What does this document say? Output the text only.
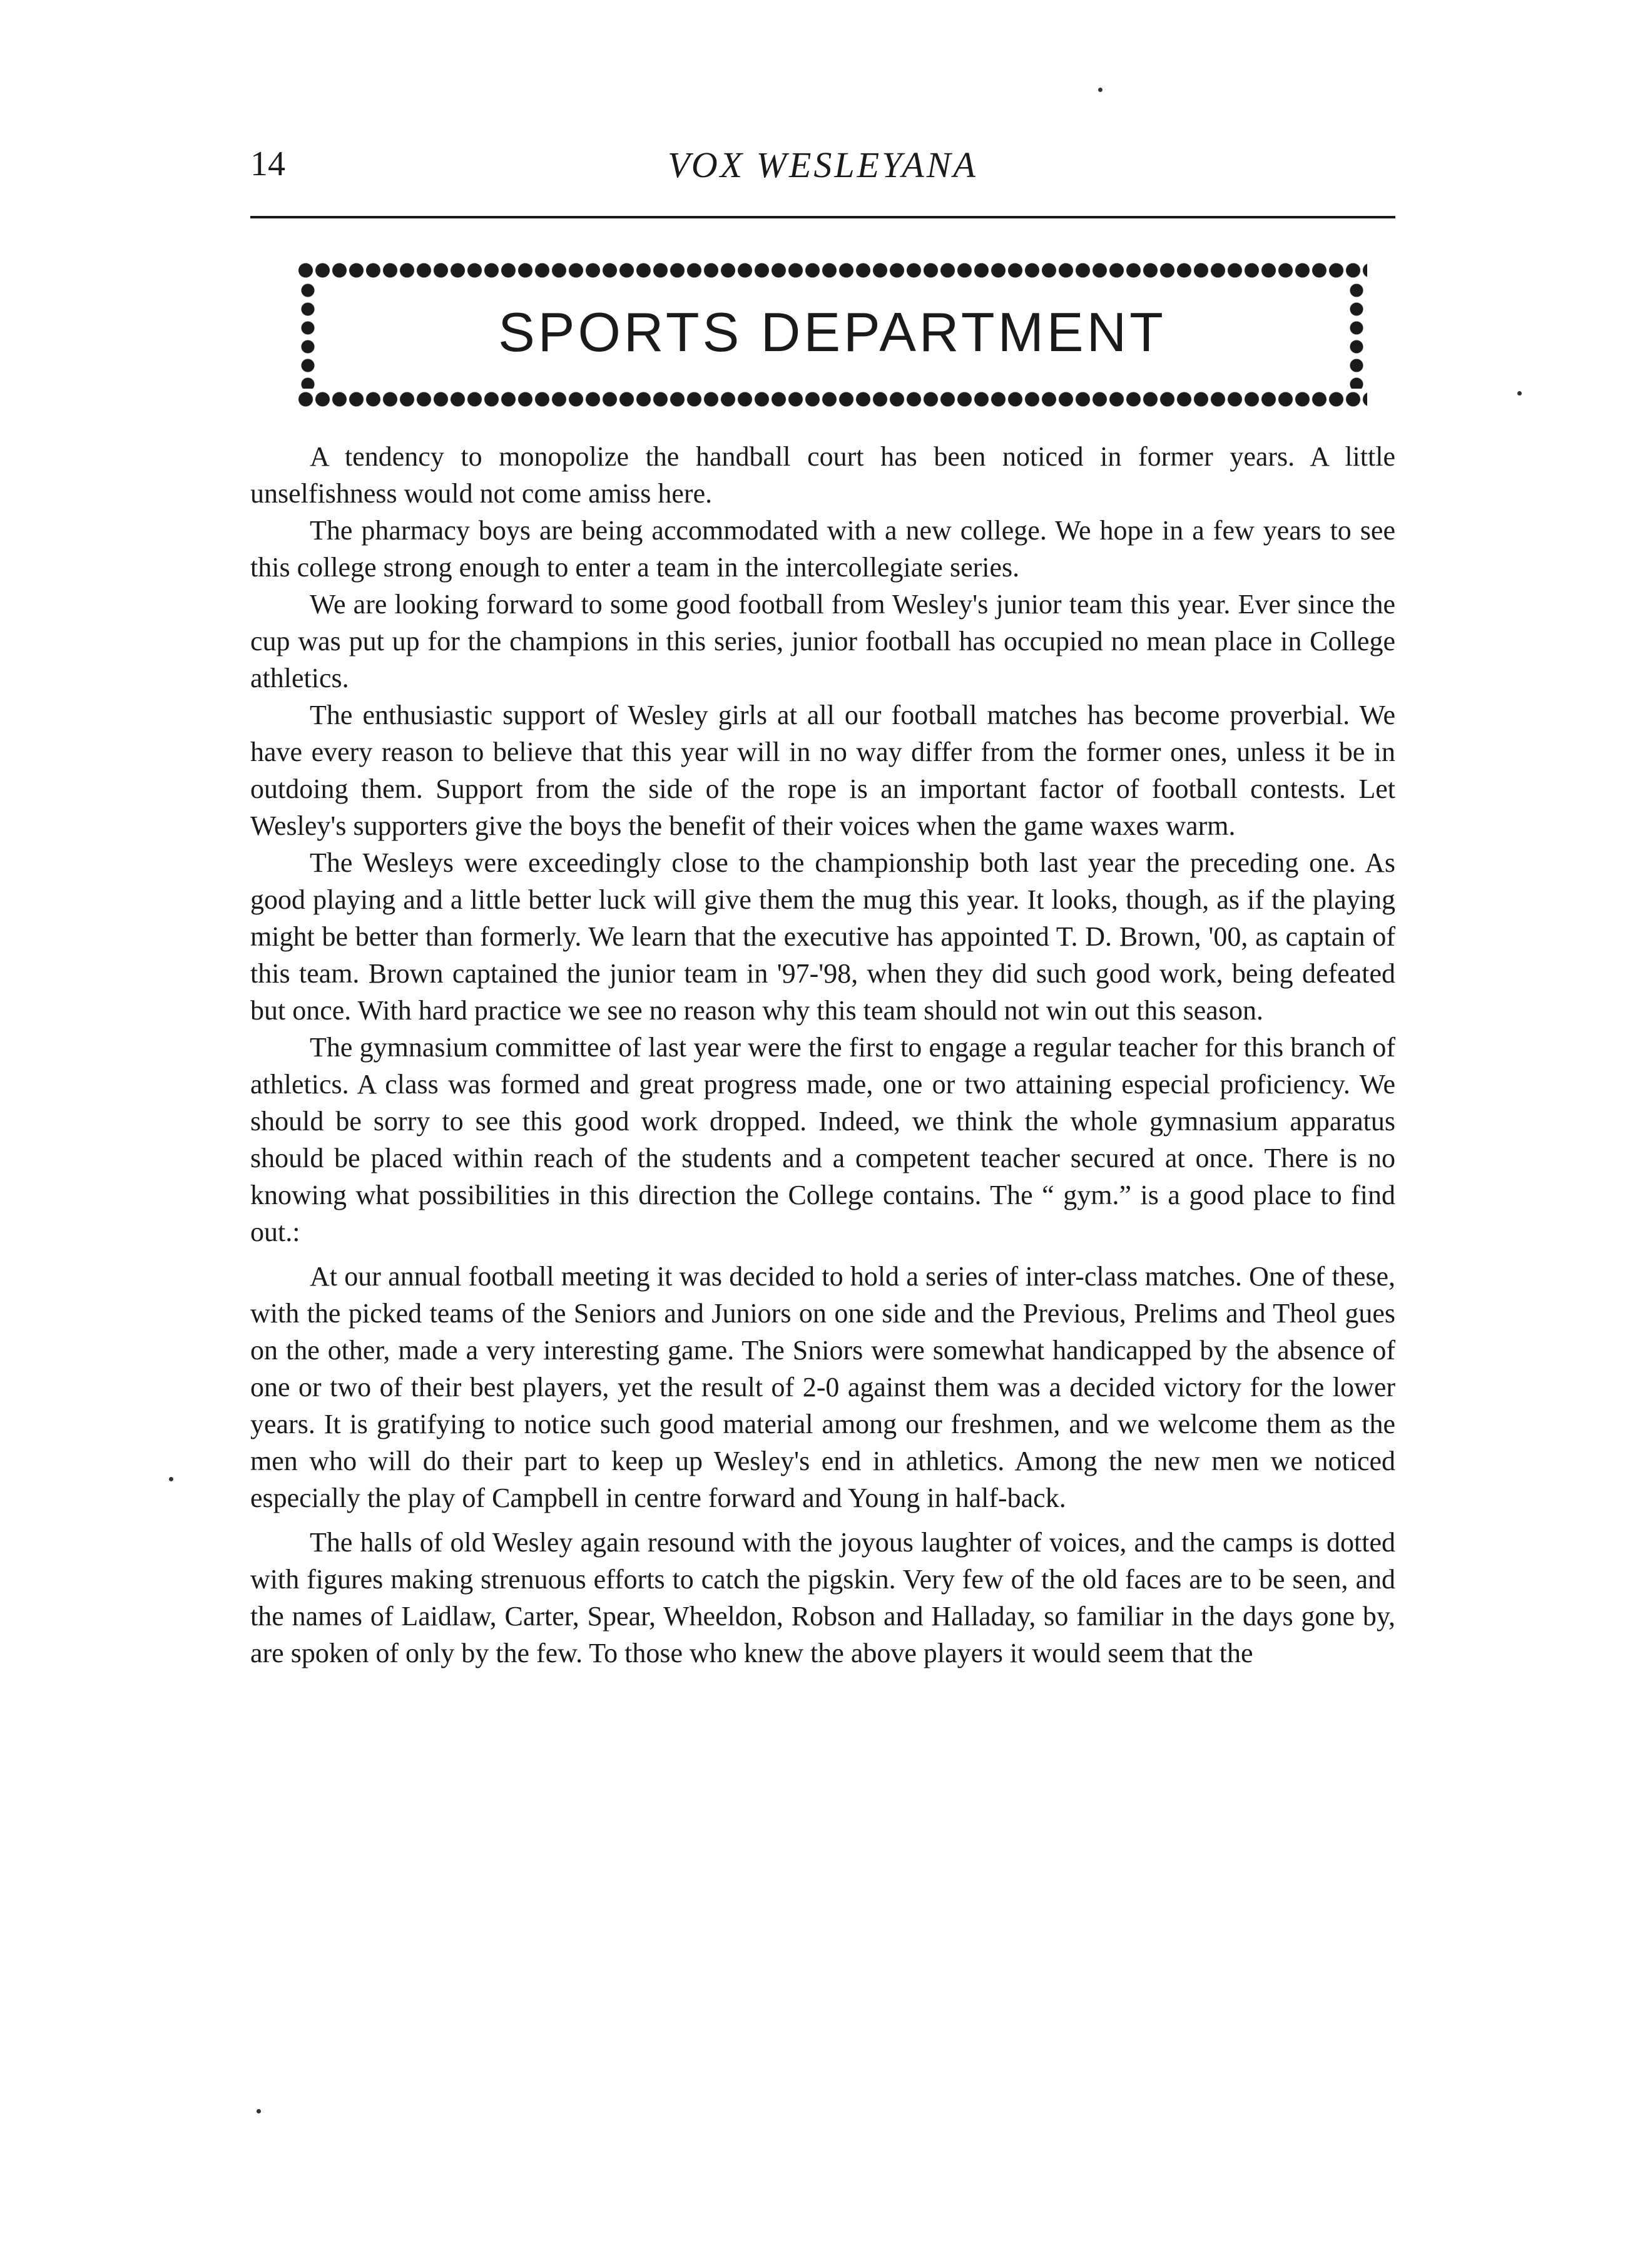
14	VOX WESLEYANA
SPORTS DEPARTMENT

A tendency to monopolize the handball court has been noticed in former years. A little unselfishness would not come amiss here.

The pharmacy boys are being accommodated with a new college. We hope in a few years to see this college strong enough to enter a team in the intercollegiate series.

We are looking forward to some good football from Wesley's junior team this year. Ever since the cup was put up for the champions in this series, junior football has occupied no mean place in College athletics.

The enthusiastic support of Wesley girls at all our football matches has become proverbial. We have every reason to believe that this year will in no way differ from the former ones, unless it be in outdoing them. Support from the side of the rope is an important factor of football contests. Let Wesley's supporters give the boys the benefit of their voices when the game waxes warm.

The Wesleys were exceedingly close to the championship both last year the preceding one. As good playing and a little better luck will give them the mug this year. It looks, though, as if the playing might be better than formerly. We learn that the executive has appointed T. D. Brown, '00, as captain of this team. Brown captained the junior team in '97-'98, when they did such good work, being defeated but once. With hard practice we see no reason why this team should not win out this season.

The gymnasium committee of last year were the first to engage a regular teacher for this branch of athletics. A class was formed and great progress made, one or two attaining especial proficiency. We should be sorry to see this good work dropped. Indeed, we think the whole gymnasium apparatus should be placed within reach of the students and a competent teacher secured at once. There is no knowing what possibilities in this direction the College contains. The “ gym.” is a good place to find out.:

At our annual football meeting it was decided to hold a series of inter-class matches. One of these, with the picked teams of the Seniors and Juniors on one side and the Previous, Prelims and Theol gues on the other, made a very interesting game. The Sniors were somewhat handicapped by the absence of one or two of their best players, yet the result of 2-0 against them was a decided victory for the lower years. It is gratifying to notice such good material among our freshmen, and we welcome them as the men who will do their part to keep up Wesley's end in athletics. Among the new men we noticed especially the play of Campbell in centre forward and Young in half-back.

The halls of old Wesley again resound with the joyous laughter of voices, and the camps is dotted with figures making strenuous efforts to catch the pigskin. Very few of the old faces are to be seen, and the names of Laidlaw, Carter, Spear, Wheeldon, Robson and Halladay, so familiar in the days gone by, are spoken of only by the few. To those who knew the above players it would seem that the
